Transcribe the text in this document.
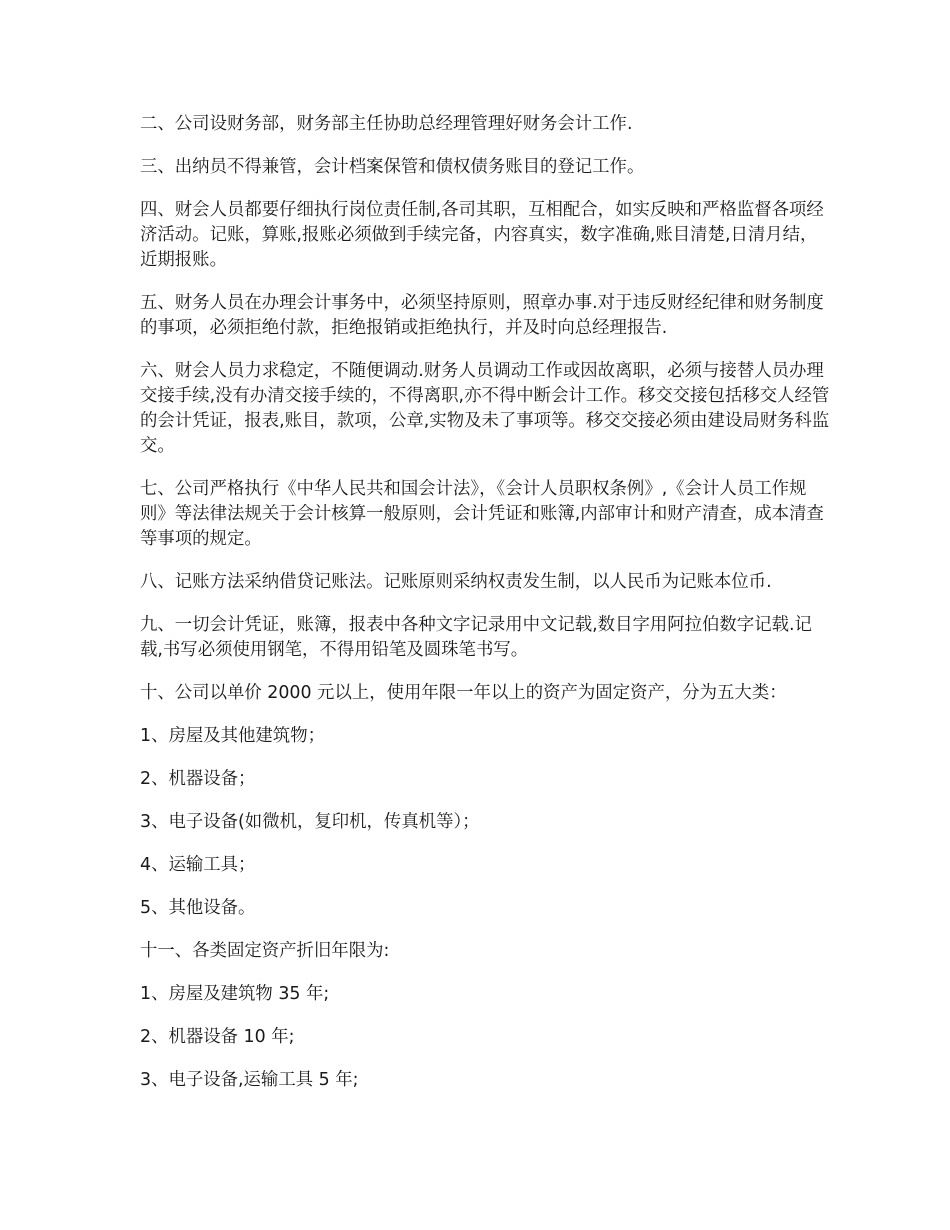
二、公司设财务部，财务部主任协助总经理管理好财务会计工作.

三、出纳员不得兼管，会计档案保管和债权债务账目的登记工作。

四、财会人员都要仔细执行岗位责任制,各司其职，互相配合，如实反映和严格监督各项经济活动。记账，算账,报账必须做到手续完备，内容真实，数字准确,账目清楚,日清月结，近期报账。

五、财务人员在办理会计事务中，必须坚持原则，照章办事.对于违反财经纪律和财务制度的事项，必须拒绝付款，拒绝报销或拒绝执行，并及时向总经理报告.

六、财会人员力求稳定，不随便调动.财务人员调动工作或因故离职，必须与接替人员办理交接手续,没有办清交接手续的，不得离职,亦不得中断会计工作。移交交接包括移交人经管的会计凭证，报表,账目，款项，公章,实物及未了事项等。移交交接必须由建设局财务科监交。

七、公司严格执行《中华人民共和国会计法》，《会计人员职权条例》,《会计人员工作规则》等法律法规关于会计核算一般原则，会计凭证和账簿,内部审计和财产清查，成本清查等事项的规定。

八、记账方法采纳借贷记账法。记账原则采纳权责发生制，以人民币为记账本位币.

九、一切会计凭证，账簿，报表中各种文字记录用中文记载,数目字用阿拉伯数字记载.记载,书写必须使用钢笔，不得用铅笔及圆珠笔书写。

十、公司以单价 2000 元以上，使用年限一年以上的资产为固定资产，分为五大类：

1、房屋及其他建筑物；

2、机器设备；

3、电子设备(如微机，复印机，传真机等）；

4、运输工具；

5、其他设备。

十一、各类固定资产折旧年限为:

1、房屋及建筑物 35 年;

2、机器设备 10 年;

3、电子设备,运输工具 5 年;
